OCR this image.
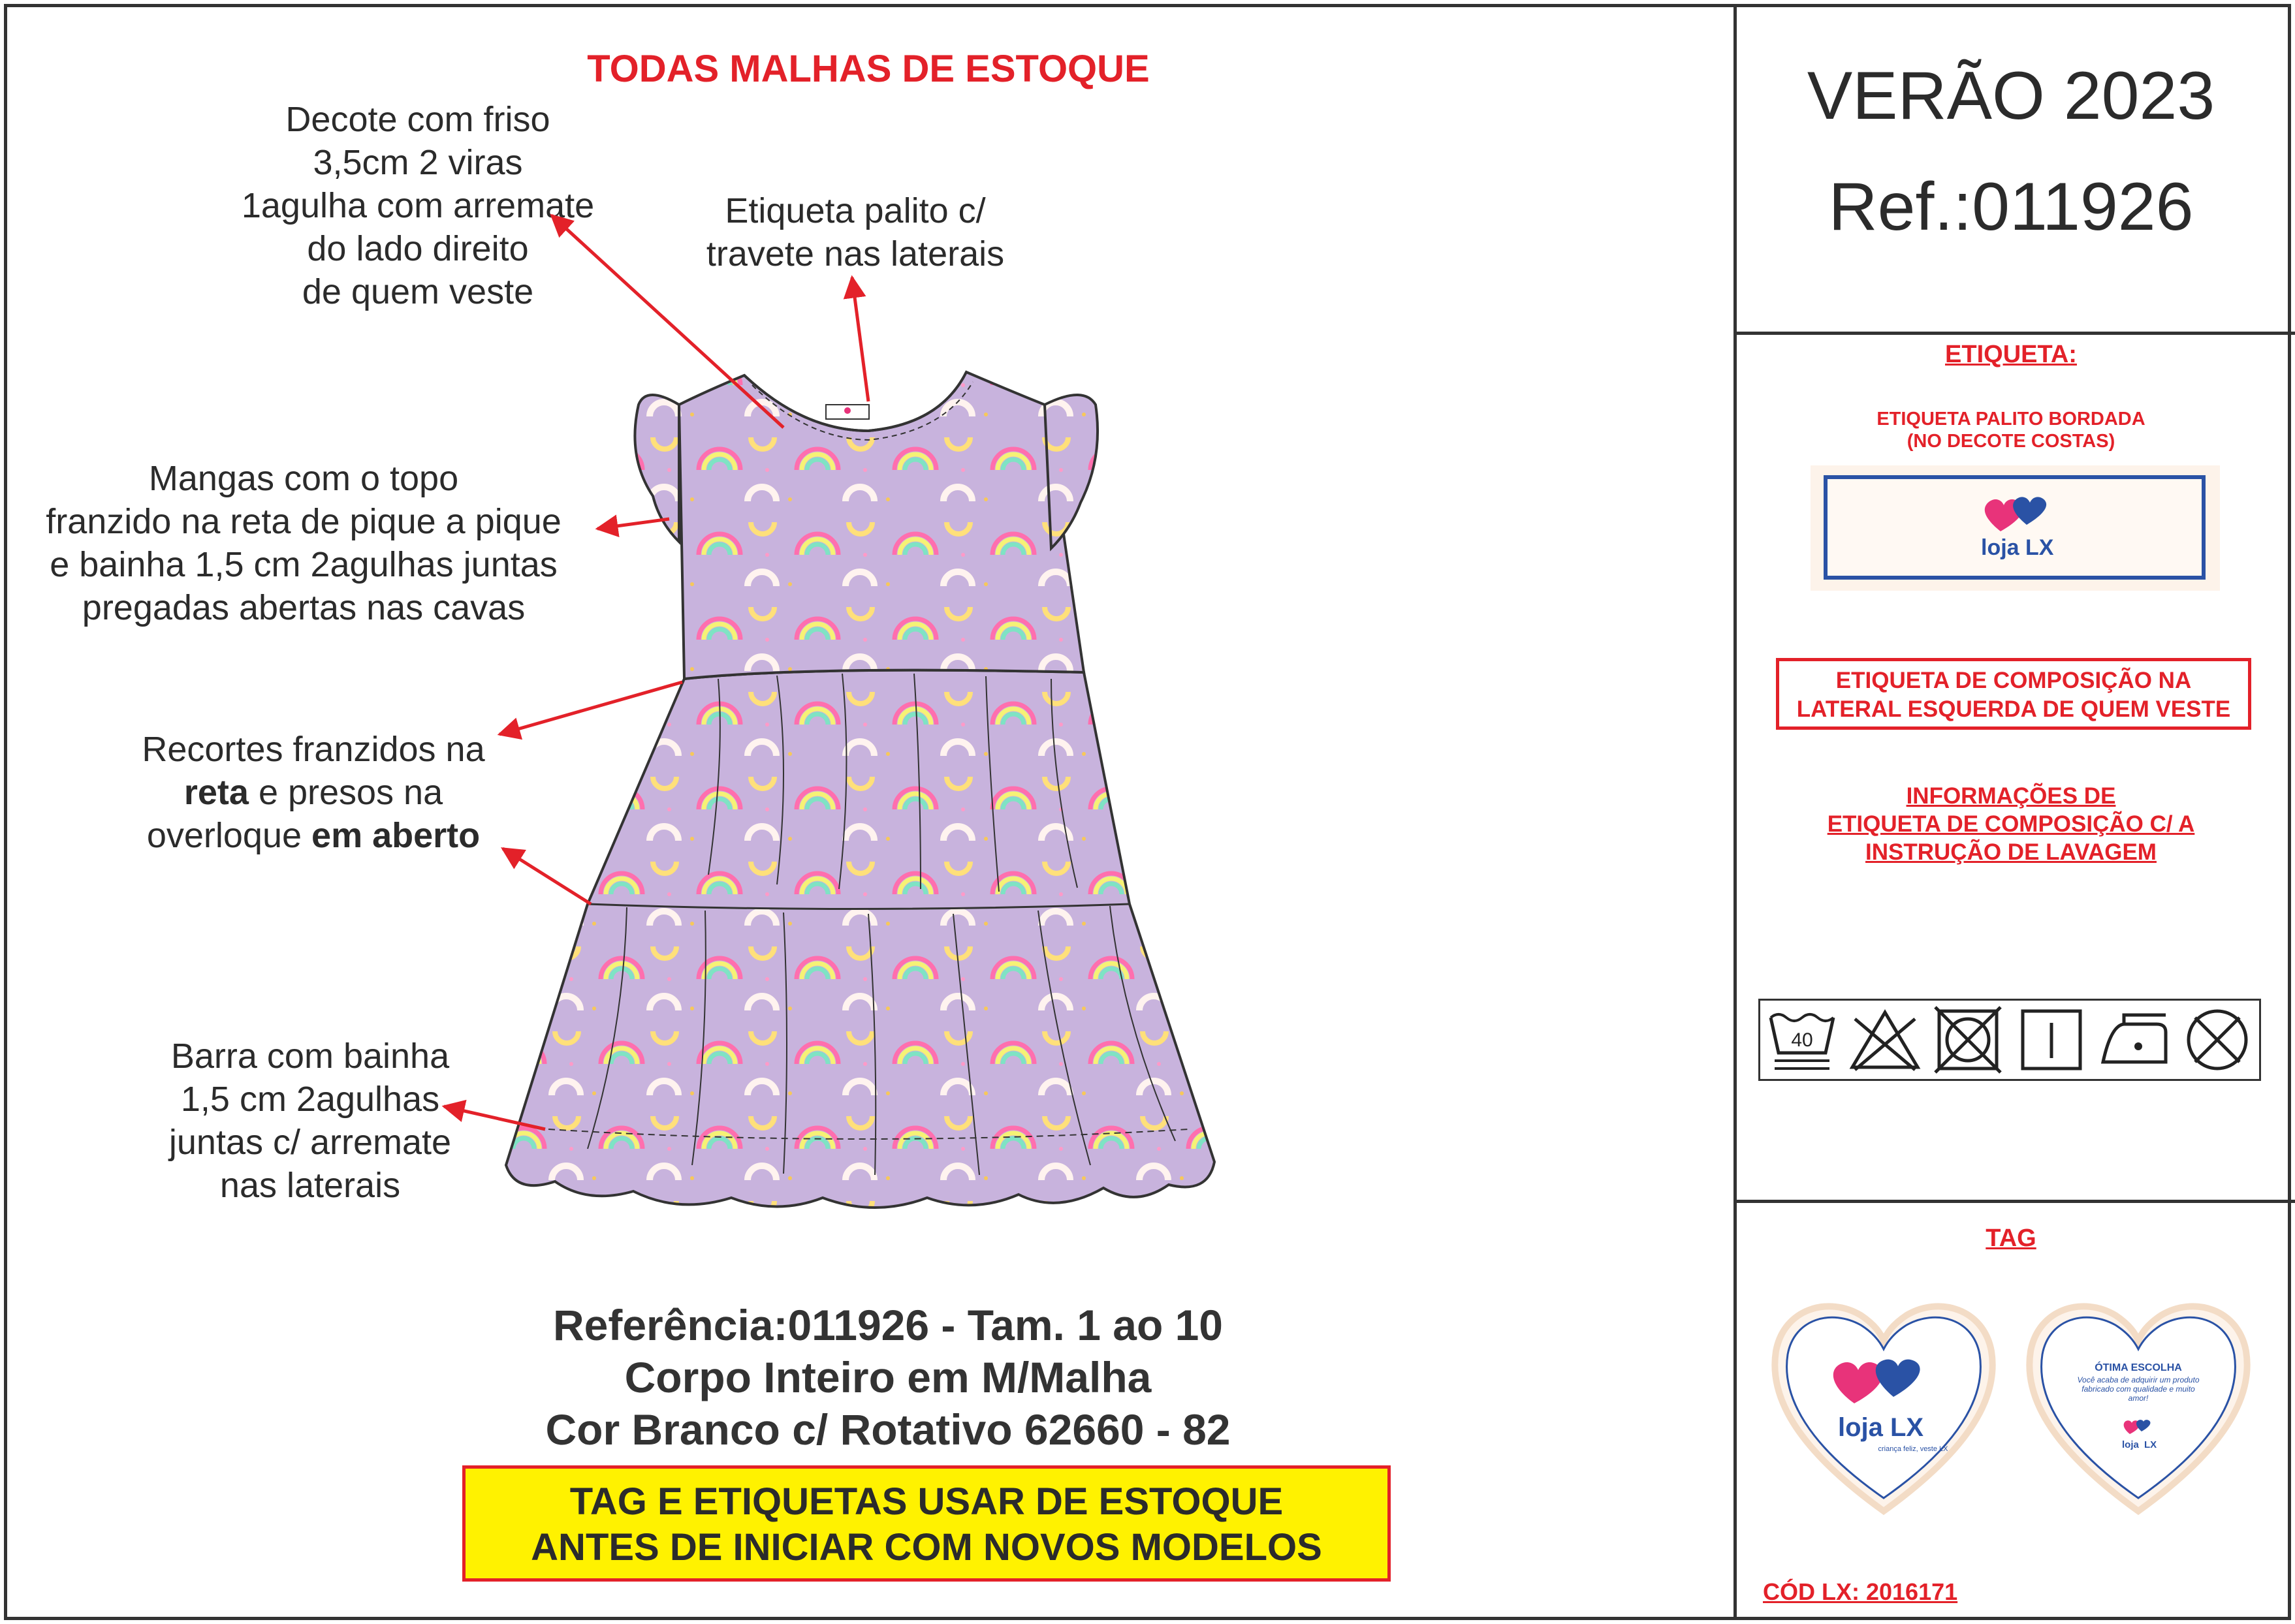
TODAS MALHAS DE ESTOQUE
Decote com friso
3,5cm 2 viras
1agulha com arremate
do lado direito
de quem veste
Etiqueta palito c/
travete nas laterais
Mangas com o topo
franzido na reta de pique a pique
e bainha 1,5 cm 2agulhas juntas
pregadas abertas nas cavas
Recortes franzidos na
reta e presos na
overloque em aberto
Barra com bainha
1,5 cm 2agulhas
juntas c/ arremate
nas laterais
Referência:011926 - Tam. 1 ao 10
Corpo Inteiro em M/Malha
Cor Branco c/ Rotativo 62660 - 82
TAG E ETIQUETAS USAR DE ESTOQUE
ANTES DE INICIAR COM NOVOS MODELOS
VERÃO 2023
Ref.:011926
ETIQUETA:
ETIQUETA PALITO BORDADA
(NO DECOTE COSTAS)
loja LX
ETIQUETA DE COMPOSIÇÃO NA
LATERAL ESQUERDA DE QUEM VESTE
INFORMAÇÕES DE
ETIQUETA DE COMPOSIÇÃO C/ A
INSTRUÇÃO DE LAVAGEM
40
TAG
loja LX
criança feliz, veste LX
ÓTIMA ESCOLHA
Você acaba de adquirir um produto fabricado com qualidade e muito amor!
loja LX
CÓD LX: 2016171
